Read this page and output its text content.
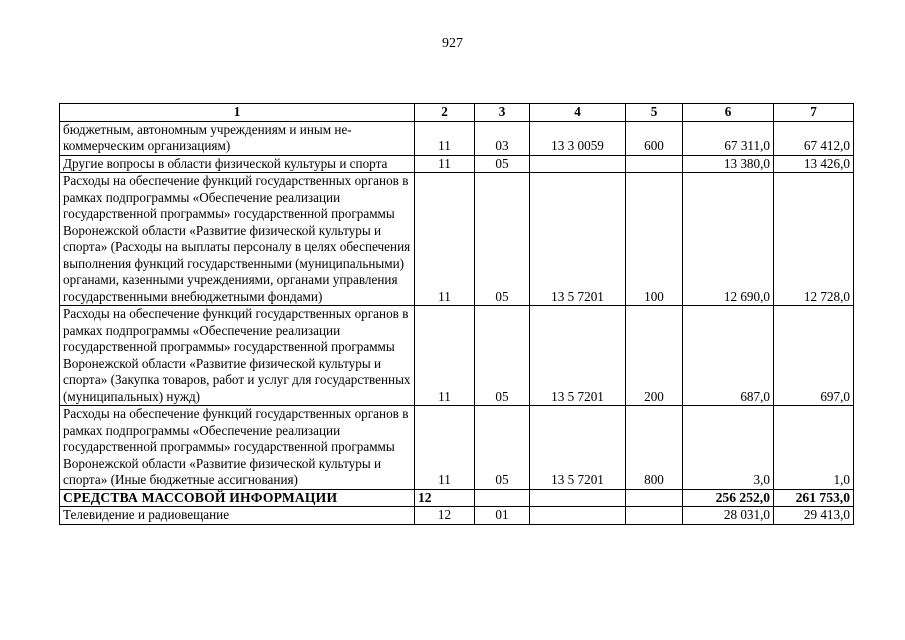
927
1	2	3	4	5	6	7
бюджетным, автономным учреждениям и иным не-коммерческим организациям)	11	03	13 3 0059	600	67 311,0	67 412,0
Другие вопросы в области физической культуры и спорта	11	05			13 380,0	13 426,0
Расходы на обеспечение функций государственных органов в рамках подпрограммы «Обеспечение реализации государственной программы» государственной программы Воронежской области «Развитие физической культуры и спорта» (Расходы на выплаты персоналу в целях обеспечения выполнения функций государственными (муниципальными) органами, казенными учреждениями, органами управления государственными внебюджетными фондами)	11	05	13 5 7201	100	12 690,0	12 728,0
Расходы на обеспечение функций государственных органов в рамках подпрограммы «Обеспечение реализации государственной программы» государственной программы Воронежской области «Развитие физической культуры и спорта» (Закупка товаров, работ и услуг для государственных (муниципальных) нужд)	11	05	13 5 7201	200	687,0	697,0
Расходы на обеспечение функций государственных органов в рамках подпрограммы «Обеспечение реализации государственной программы» государственной программы Воронежской области «Развитие физической культуры и спорта» (Иные бюджетные ассигнования)	11	05	13 5 7201	800	3,0	1,0
СРЕДСТВА МАССОВОЙ ИНФОРМАЦИИ	12				256 252,0	261 753,0
Телевидение и радиовещание	12	01			28 031,0	29 413,0
